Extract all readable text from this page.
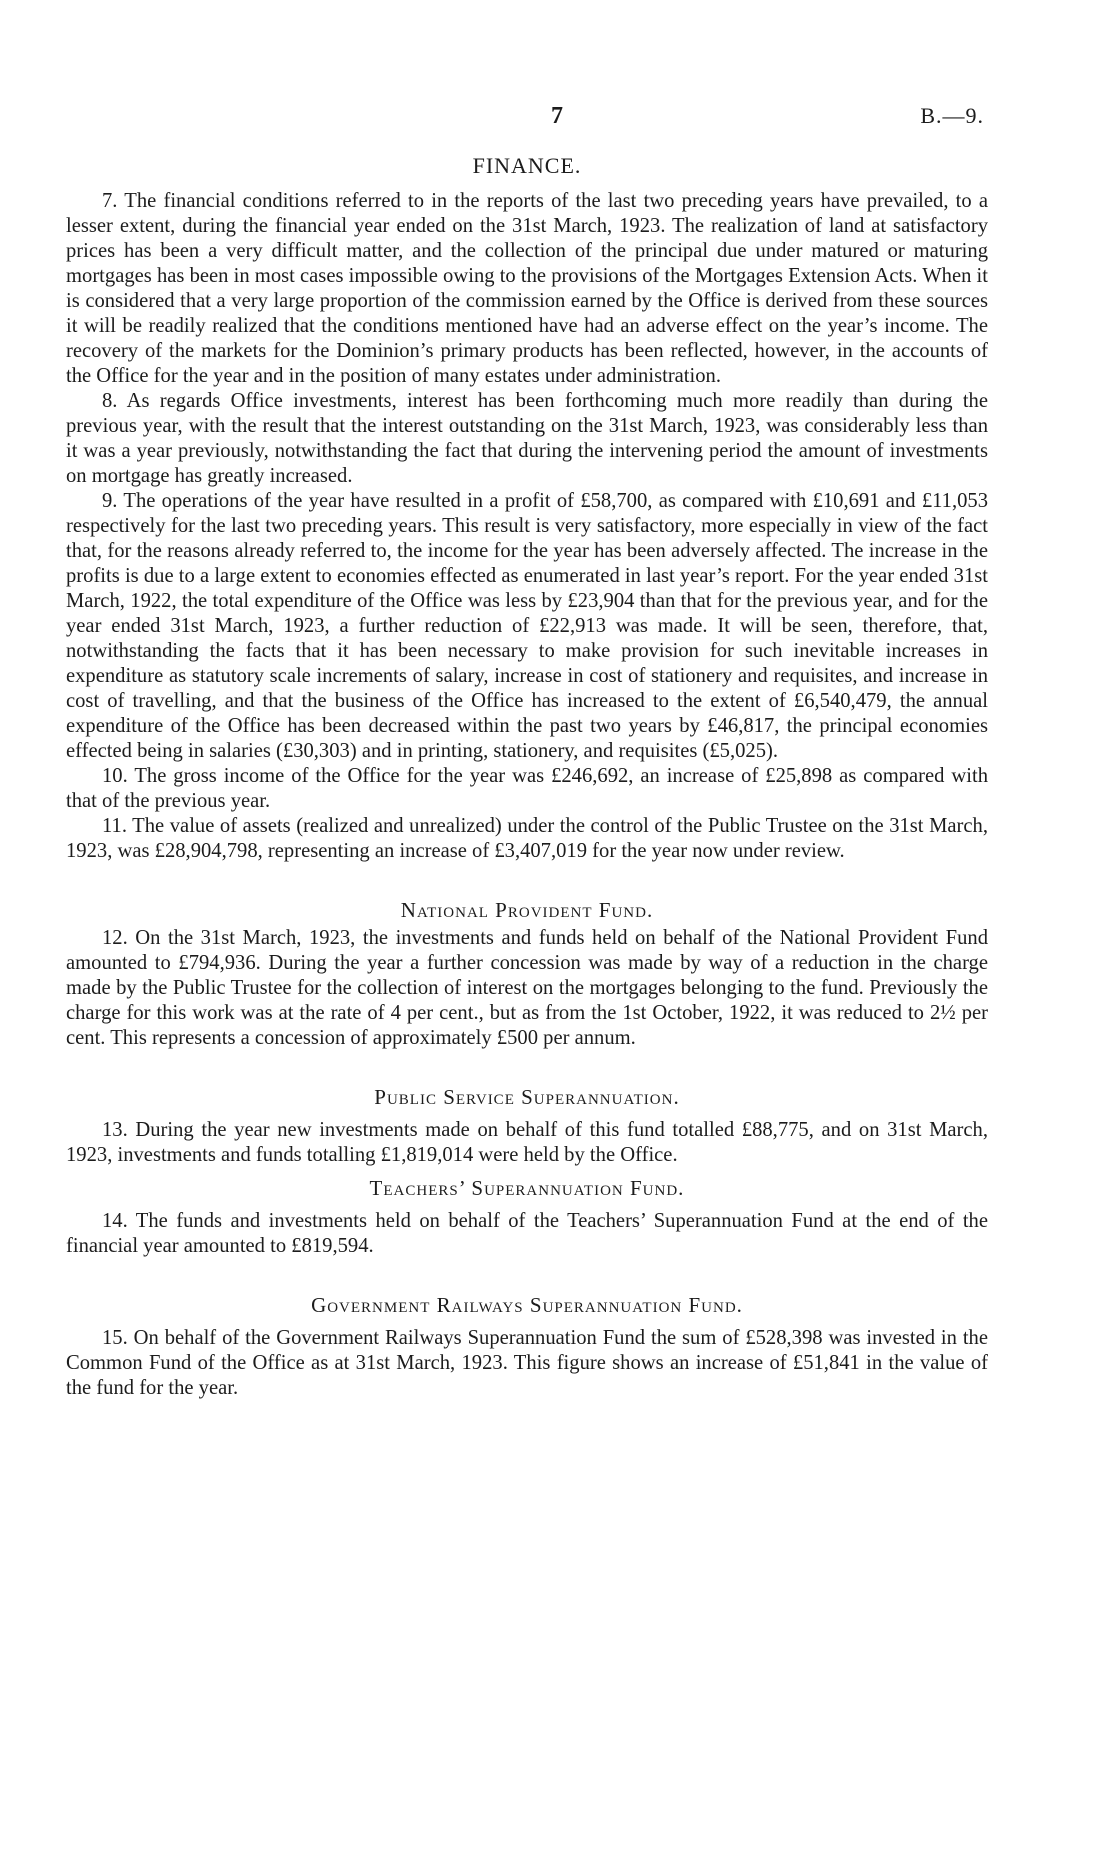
7	B.—9.
FINANCE.

7. The financial conditions referred to in the reports of the last two preceding years have prevailed, to a lesser extent, during the financial year ended on the 31st March, 1923. The realization of land at satisfactory prices has been a very difficult matter, and the collection of the principal due under matured or maturing mortgages has been in most cases impossible owing to the provisions of the Mortgages Extension Acts. When it is considered that a very large proportion of the commission earned by the Office is derived from these sources it will be readily realized that the conditions mentioned have had an adverse effect on the year’s income. The recovery of the markets for the Dominion’s primary products has been reflected, however, in the accounts of the Office for the year and in the position of many estates under administration.

8. As regards Office investments, interest has been forthcoming much more readily than during the previous year, with the result that the interest outstanding on the 31st March, 1923, was considerably less than it was a year previously, notwithstanding the fact that during the intervening period the amount of investments on mortgage has greatly increased.

9. The operations of the year have resulted in a profit of £58,700, as compared with £10,691 and £11,053 respectively for the last two preceding years. This result is very satisfactory, more especially in view of the fact that, for the reasons already referred to, the income for the year has been adversely affected. The increase in the profits is due to a large extent to economies effected as enumerated in last year’s report. For the year ended 31st March, 1922, the total expenditure of the Office was less by £23,904 than that for the previous year, and for the year ended 31st March, 1923, a further reduction of £22,913 was made. It will be seen, therefore, that, notwithstanding the facts that it has been necessary to make provision for such inevitable increases in expenditure as statutory scale increments of salary, increase in cost of stationery and requisites, and increase in cost of travelling, and that the business of the Office has increased to the extent of £6,540,479, the annual expenditure of the Office has been decreased within the past two years by £46,817, the principal economies effected being in salaries (£30,303) and in printing, stationery, and requisites (£5,025).

10. The gross income of the Office for the year was £246,692, an increase of £25,898 as compared with that of the previous year.

11. The value of assets (realized and unrealized) under the control of the Public Trustee on the 31st March, 1923, was £28,904,798, representing an increase of £3,407,019 for the year now under review.

National Provident Fund.

12. On the 31st March, 1923, the investments and funds held on behalf of the National Provident Fund amounted to £794,936. During the year a further concession was made by way of a reduction in the charge made by the Public Trustee for the collection of interest on the mortgages belonging to the fund. Previously the charge for this work was at the rate of 4 per cent., but as from the 1st October, 1922, it was reduced to 2½ per cent. This represents a concession of approximately £500 per annum.

Public Service Superannuation.

13. During the year new investments made on behalf of this fund totalled £88,775, and on 31st March, 1923, investments and funds totalling £1,819,014 were held by the Office.

Teachers’ Superannuation Fund.

14. The funds and investments held on behalf of the Teachers’ Superannuation Fund at the end of the financial year amounted to £819,594.

Government Railways Superannuation Fund.

15. On behalf of the Government Railways Superannuation Fund the sum of £528,398 was invested in the Common Fund of the Office as at 31st March, 1923. This figure shows an increase of £51,841 in the value of the fund for the year.
